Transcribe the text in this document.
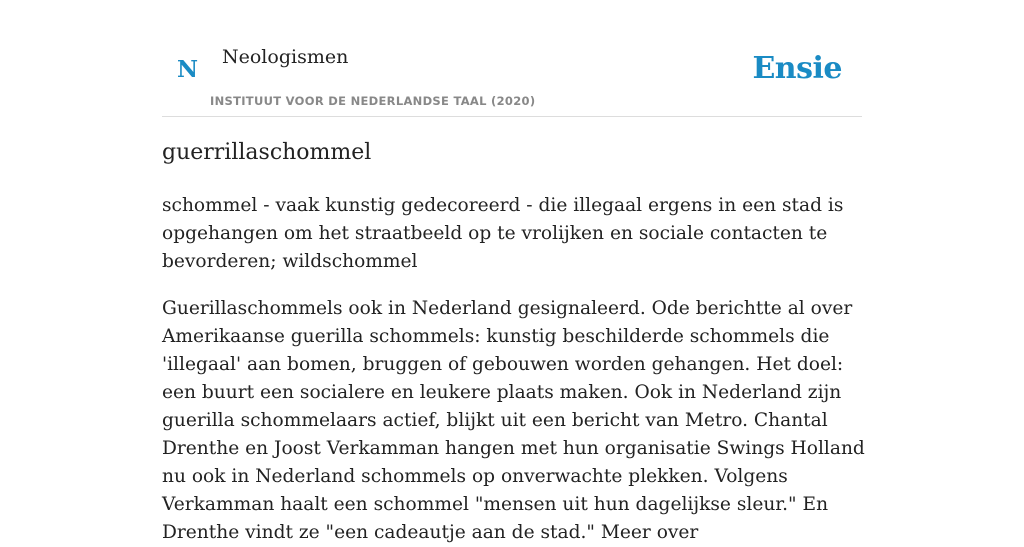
N Neologismen
INSTITUUT VOOR DE NEDERLANDSE TAAL (2020)
Ensie
guerrillaschommel

schommel - vaak kunstig gedecoreerd - die illegaal ergens in een stad is opgehangen om het straatbeeld op te vrolijken en sociale contacten te bevorderen; wildschommel

Guerillaschommels ook in Nederland gesignaleerd. Ode berichtte al over Amerikaanse guerilla schommels: kunstig beschilderde schommels die 'illegaal' aan bomen, bruggen of gebouwen worden gehangen. Het doel: een buurt een socialere en leukere plaats maken. Ook in Nederland zijn guerilla schommelaars actief, blijkt uit een bericht van Metro. Chantal Drenthe en Joost Verkamman hangen met hun organisatie Swings Holland nu ook in Nederland schommels op onverwachte plekken. Volgens Verkamman haalt een schommel "mensen uit hun dagelijkse sleur." En Drenthe vindt ze "een cadeautje aan de stad." Meer over
